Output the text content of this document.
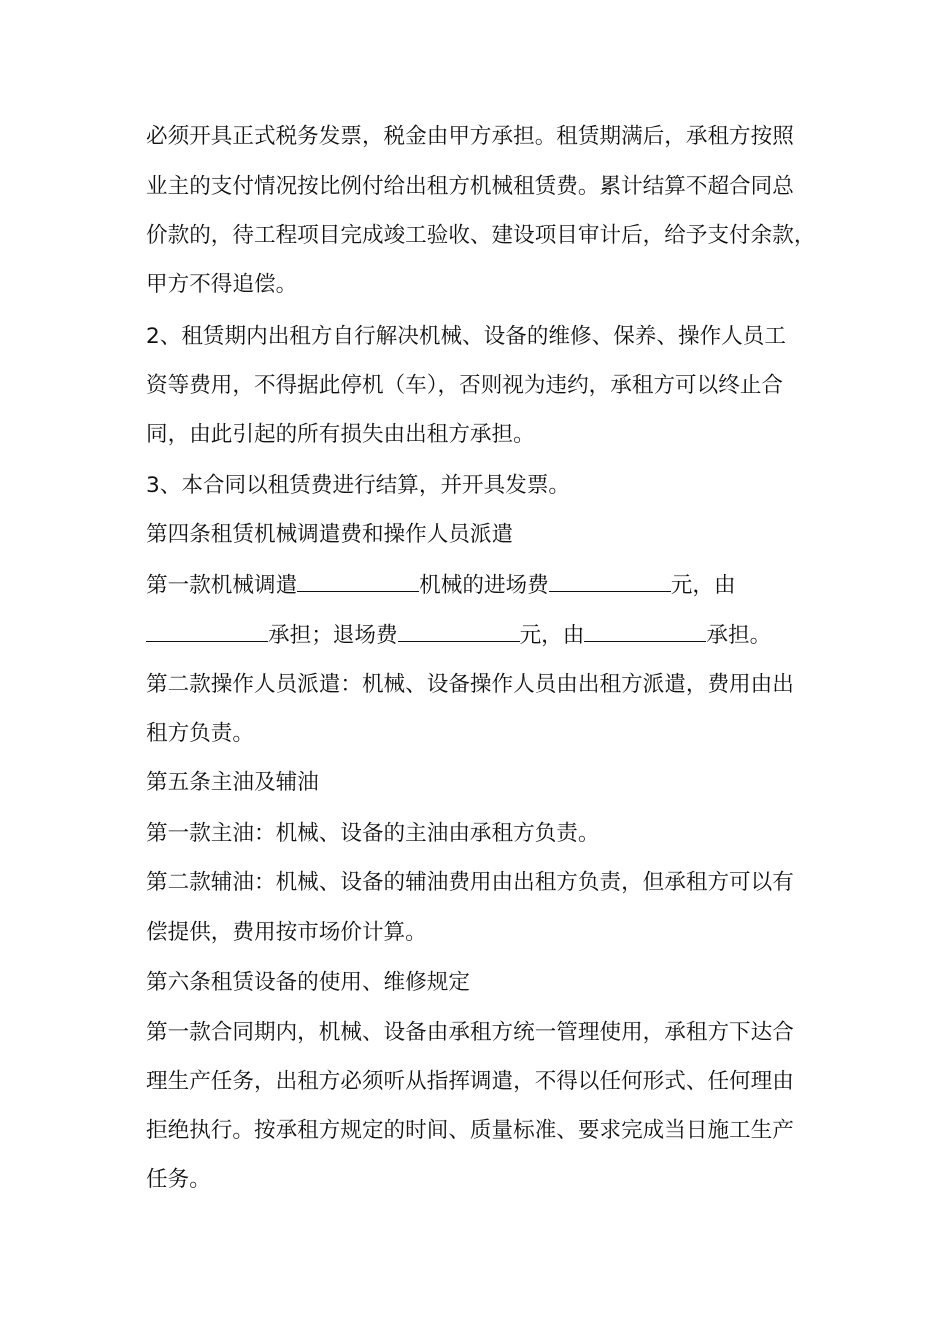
必须开具正式税务发票，税金由甲方承担。租赁期满后，承租方按照
业主的支付情况按比例付给出租方机械租赁费。累计结算不超合同总
价款的，待工程项目完成竣工验收、建设项目审计后，给予支付余款，
甲方不得追偿。
2、租赁期内出租方自行解决机械、设备的维修、保养、操作人员工
资等费用，不得据此停机（车），否则视为违约，承租方可以终止合
同，由此引起的所有损失由出租方承担。
3、本合同以租赁费进行结算，并开具发票。
第四条租赁机械调遣费和操作人员派遣
第一款机械调遣	机械的进场费	元，由
承担；退场费	元，由	承担。
第二款操作人员派遣：机械、设备操作人员由出租方派遣，费用由出
租方负责。
第五条主油及辅油
第一款主油：机械、设备的主油由承租方负责。
第二款辅油：机械、设备的辅油费用由出租方负责，但承租方可以有
偿提供，费用按市场价计算。
第六条租赁设备的使用、维修规定
第一款合同期内，机械、设备由承租方统一管理使用，承租方下达合
理生产任务，出租方必须听从指挥调遣，不得以任何形式、任何理由
拒绝执行。按承租方规定的时间、质量标准、要求完成当日施工生产
任务。
